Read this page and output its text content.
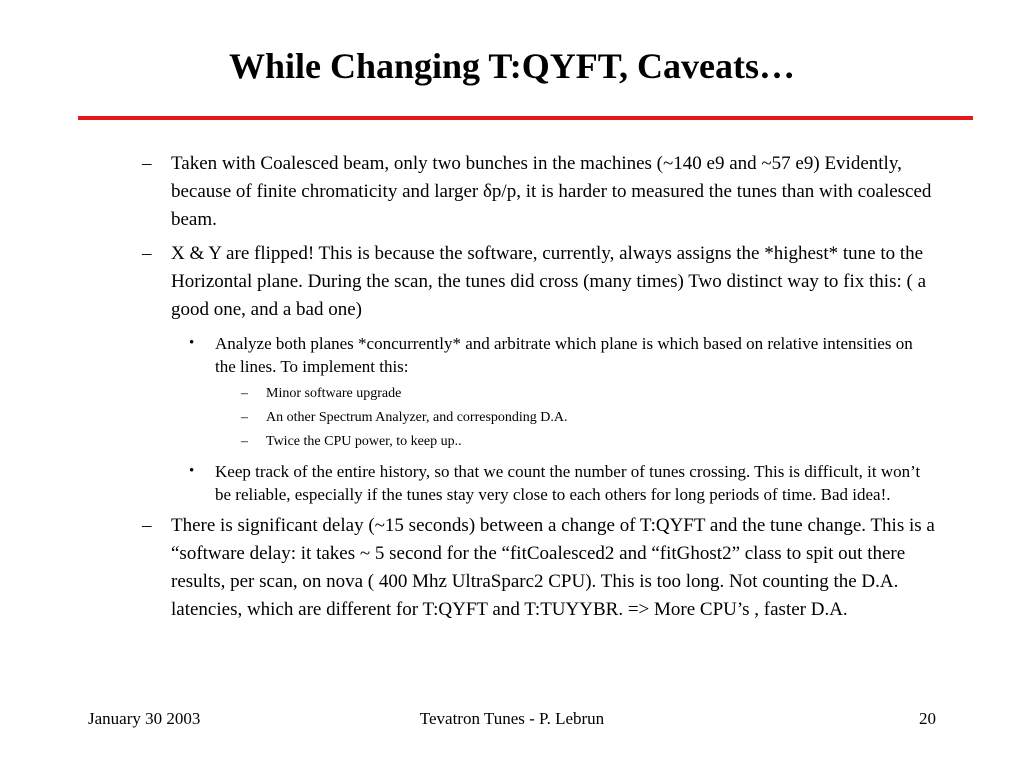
While Changing T:QYFT, Caveats…
– Taken with Coalesced beam, only two bunches in the machines (~140 e9 and ~57 e9) Evidently, because of finite chromaticity and larger δp/p, it is harder to measured the tunes than with coalesced beam.
– X & Y are flipped! This is because the software, currently, always assigns the *highest* tune to the Horizontal plane. During the scan, the tunes did cross (many times) Two distinct way to fix this: ( a good one, and a bad one)
• Analyze both planes *concurrently* and arbitrate which plane is which based on relative intensities on the lines. To implement this:
– Minor software upgrade
– An other Spectrum Analyzer, and corresponding D.A.
– Twice the CPU power, to keep up..
• Keep track of the entire history, so that we count the number of tunes crossing. This is difficult, it won’t be reliable, especially if the tunes stay very close to each others for long periods of time. Bad idea!.
– There is significant delay (~15 seconds) between a change of T:QYFT and the tune change. This is a “software delay: it takes ~ 5 second for the “fitCoalesced2 and “fitGhost2” class to spit out there results, per scan, on nova ( 400 Mhz UltraSparc2 CPU). This is too long. Not counting the D.A. latencies, which are different for T:QYFT and T:TUYYBR. => More CPU’s , faster D.A.
January 30 2003	Tevatron Tunes - P. Lebrun	20
